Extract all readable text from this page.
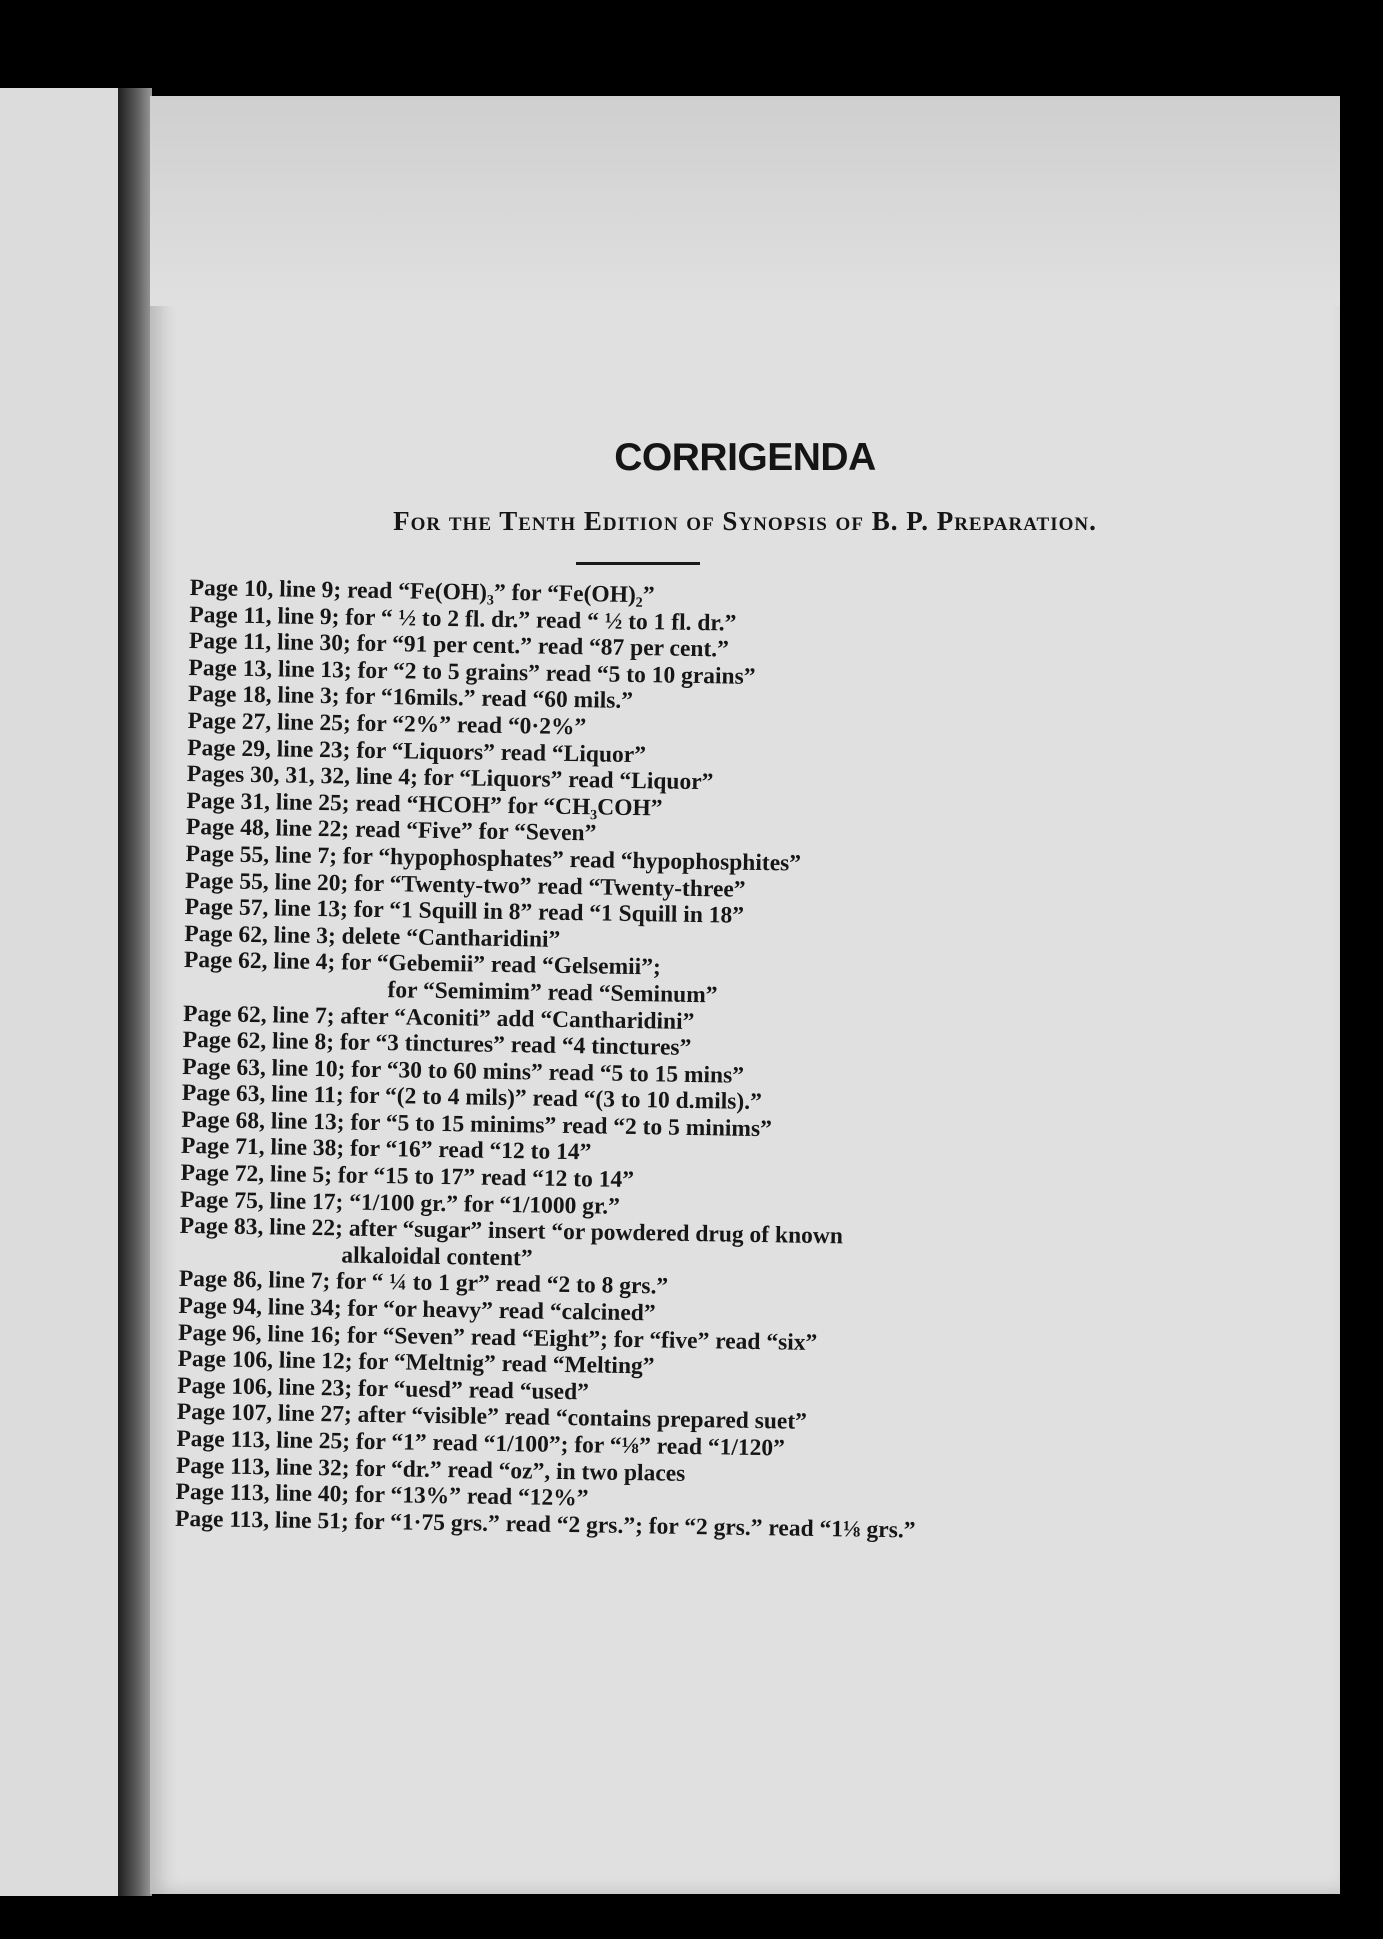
CORRIGENDA
For the Tenth Edition of Synopsis of B. P. Preparation.
Page 10, line 9; read “Fe(OH)₃” for “Fe(OH)₂”
Page 11, line 9; for “ ½ to 2 fl. dr.” read “ ½ to 1 fl. dr.”
Page 11, line 30; for “91 per cent.” read “87 per cent.”
Page 13, line 13; for “2 to 5 grains” read “5 to 10 grains”
Page 18, line 3; for “16mils.” read “60 mils.”
Page 27, line 25; for “2%” read “0·2%”
Page 29, line 23; for “Liquors” read “Liquor”
Pages 30, 31, 32, line 4; for “Liquors” read “Liquor”
Page 31, line 25; read “HCOH” for “CH₃COH”
Page 48, line 22; read “Five” for “Seven”
Page 55, line 7; for “hypophosphates” read “hypophosphites”
Page 55, line 20; for “Twenty-two” read “Twenty-three”
Page 57, line 13; for “1 Squill in 8” read “1 Squill in 18”
Page 62, line 3; delete “Cantharidini”
Page 62, line 4; for “Gebemii” read “Gelsemii”;
for “Semimim” read “Seminum”
Page 62, line 7; after “Aconiti” add “Cantharidini”
Page 62, line 8; for “3 tinctures” read “4 tinctures”
Page 63, line 10; for “30 to 60 mins” read “5 to 15 mins”
Page 63, line 11; for “(2 to 4 mils)” read “(3 to 10 d.mils).”
Page 68, line 13; for “5 to 15 minims” read “2 to 5 minims”
Page 71, line 38; for “16” read “12 to 14”
Page 72, line 5; for “15 to 17” read “12 to 14”
Page 75, line 17; “1/100 gr.” for “1/1000 gr.”
Page 83, line 22; after “sugar” insert “or powdered drug of known
alkaloidal content”
Page 86, line 7; for “ ¼ to 1 gr” read “2 to 8 grs.”
Page 94, line 34; for “or heavy” read “calcined”
Page 96, line 16; for “Seven” read “Eight”; for “five” read “six”
Page 106, line 12; for “Meltnig” read “Melting”
Page 106, line 23; for “uesd” read “used”
Page 107, line 27; after “visible” read “contains prepared suet”
Page 113, line 25; for “1” read “1/100”; for “⅛” read “1/120”
Page 113, line 32; for “dr.” read “oz”, in two places
Page 113, line 40; for “13%” read “12%”
Page 113, line 51; for “1·75 grs.” read “2 grs.”; for “2 grs.” read “1⅛ grs.”
